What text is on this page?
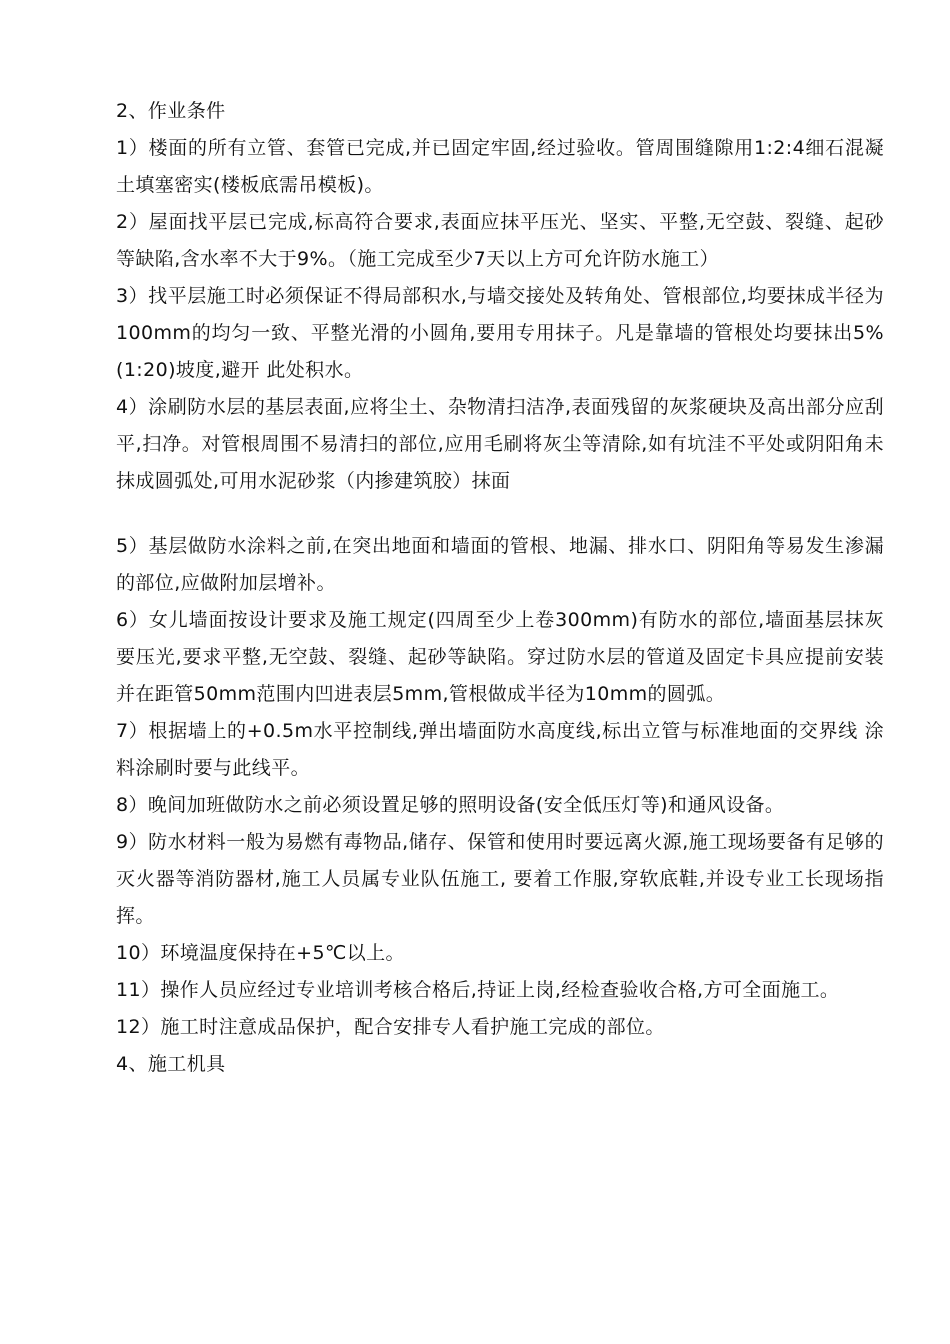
2、作业条件

1）楼面的所有立管、套管已完成,并已固定牢固,经过验收。管周围缝隙用1:2:4细石混凝土填塞密实(楼板底需吊模板)。

2）屋面找平层已完成,标高符合要求,表面应抹平压光、坚实、平整,无空鼓、裂缝、起砂等缺陷,含水率不大于9%。（施工完成至少7天以上方可允许防水施工）

3）找平层施工时必须保证不得局部积水,与墙交接处及转角处、管根部位,均要抹成半径为100mm的均匀一致、平整光滑的小圆角,要用专用抹子。凡是靠墙的管根处均要抹出5%(1:20)坡度,避开 此处积水。

4）涂刷防水层的基层表面,应将尘土、杂物清扫洁净,表面残留的灰浆硬块及高出部分应刮平,扫净。对管根周围不易清扫的部位,应用毛刷将灰尘等清除,如有坑洼不平处或阴阳角未抹成圆弧处,可用水泥砂浆（内掺建筑胶）抹面

5）基层做防水涂料之前,在突出地面和墙面的管根、地漏、排水口、阴阳角等易发生渗漏的部位,应做附加层增补。

6）女儿墙面按设计要求及施工规定(四周至少上卷300mm)有防水的部位,墙面基层抹灰要压光,要求平整,无空鼓、裂缝、起砂等缺陷。穿过防水层的管道及固定卡具应提前安装并在距管50mm范围内凹进表层5mm,管根做成半径为10mm的圆弧。

7）根据墙上的+0.5m水平控制线,弹出墙面防水高度线,标出立管与标准地面的交界线 涂料涂刷时要与此线平。

8）晚间加班做防水之前必须设置足够的照明设备(安全低压灯等)和通风设备。

9）防水材料一般为易燃有毒物品,储存、保管和使用时要远离火源,施工现场要备有足够的灭火器等消防器材,施工人员属专业队伍施工, 要着工作服,穿软底鞋,并设专业工长现场指挥。

10）环境温度保持在+5℃以上。

11）操作人员应经过专业培训考核合格后,持证上岗,经检查验收合格,方可全面施工。

12）施工时注意成品保护，配合安排专人看护施工完成的部位。

4、施工机具
